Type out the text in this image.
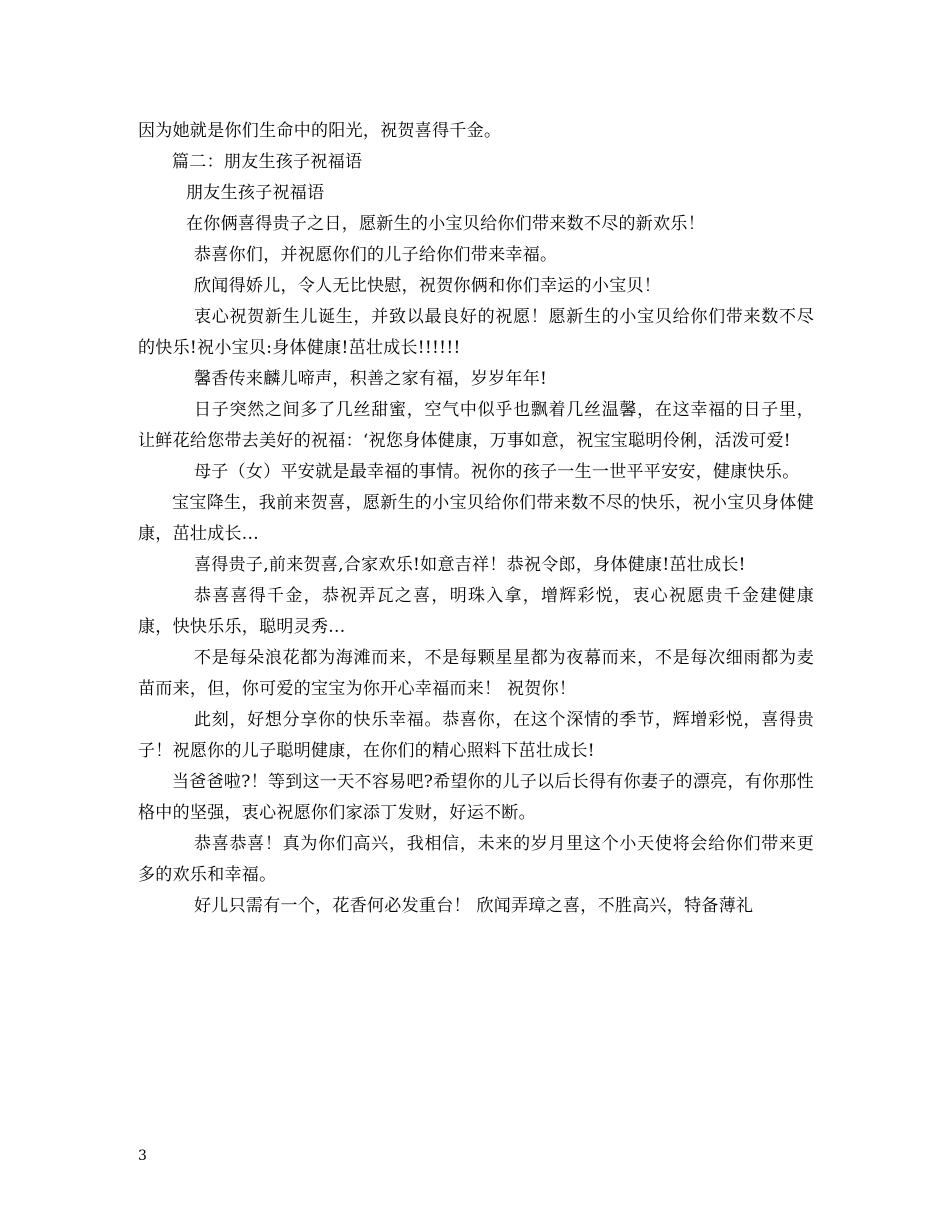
因为她就是你们生命中的阳光，祝贺喜得千金。

篇二：朋友生孩子祝福语

朋友生孩子祝福语

在你俩喜得贵子之日，愿新生的小宝贝给你们带来数不尽的新欢乐！

恭喜你们，并祝愿你们的儿子给你们带来幸福。

欣闻得娇儿，令人无比快慰，祝贺你俩和你们幸运的小宝贝！

衷心祝贺新生儿诞生，并致以最良好的祝愿！愿新生的小宝贝给你们带来数不尽的快乐!祝小宝贝:身体健康!茁壮成长!!!!!!

馨香传来麟儿啼声，积善之家有福，岁岁年年!

日子突然之间多了几丝甜蜜，空气中似乎也飘着几丝温馨，在这幸福的日子里，让鲜花给您带去美好的祝福：‘祝您身体健康，万事如意，祝宝宝聪明伶俐，活泼可爱!

母子（女）平安就是最幸福的事情。祝你的孩子一生一世平平安安，健康快乐。

宝宝降生，我前来贺喜，愿新生的小宝贝给你们带来数不尽的快乐，祝小宝贝身体健康，茁壮成长...

喜得贵子,前来贺喜,合家欢乐!如意吉祥！恭祝令郎，身体健康!茁壮成长!

恭喜喜得千金，恭祝弄瓦之喜，明珠入拿，增辉彩悦，衷心祝愿贵千金建健康康，快快乐乐，聪明灵秀...

不是每朵浪花都为海滩而来，不是每颗星星都为夜幕而来，不是每次细雨都为麦苗而来，但，你可爱的宝宝为你开心幸福而来！ 祝贺你！

此刻，好想分享你的快乐幸福。恭喜你，在这个深情的季节，辉增彩悦，喜得贵子！祝愿你的儿子聪明健康，在你们的精心照料下茁壮成长!

当爸爸啦?！等到这一天不容易吧?希望你的儿子以后长得有你妻子的漂亮，有你那性格中的坚强，衷心祝愿你们家添丁发财，好运不断。

恭喜恭喜！真为你们高兴，我相信，未来的岁月里这个小天使将会给你们带来更多的欢乐和幸福。

好儿只需有一个，花香何必发重台！ 欣闻弄璋之喜，不胜高兴，特备薄礼

3
